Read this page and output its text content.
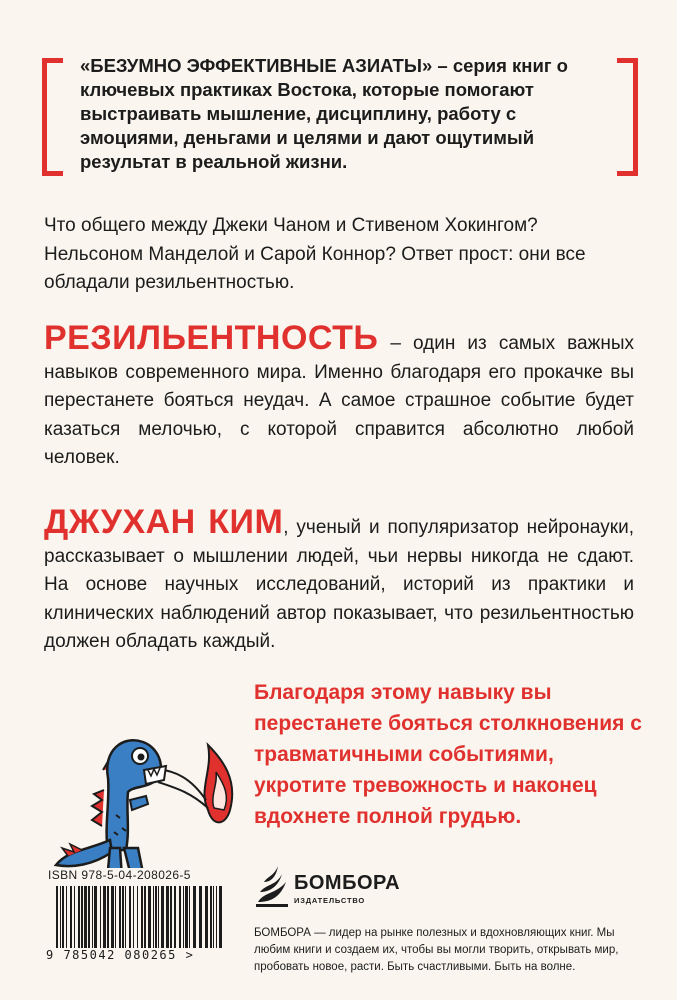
«БЕЗУМНО ЭФФЕКТИВНЫЕ АЗИАТЫ» – серия книг о ключевых практиках Востока, которые помогают выстраивать мышление, дисциплину, работу с эмоциями, деньгами и целями и дают ощутимый результат в реальной жизни.

Что общего между Джеки Чаном и Стивеном Хокингом? Нельсоном Манделой и Сарой Коннор? Ответ прост: они все обладали резильентностью.

РЕЗИЛЬЕНТНОСТЬ – один из самых важных навыков современного мира. Именно благодаря его прокачке вы перестанете бояться неудач. А самое страшное событие будет казаться мелочью, с которой справится абсолютно любой человек.

ДЖУХАН КИМ, ученый и популяризатор нейронауки, рассказывает о мышлении людей, чьи нервы никогда не сдают. На основе научных исследований, историй из практики и клинических наблюдений автор показывает, что резильентностью должен обладать каждый.

Благодаря этому навыку вы перестанете бояться столкновения с травматичными событиями, укротите тревожность и наконец вдохнете полной грудью.

ISBN 978-5-04-208026-5

9 785042 080265 >

БОМБОРА
ИЗДАТЕЛЬСТВО

БОМБОРА — лидер на рынке полезных и вдохновляющих книг. Мы любим книги и создаем их, чтобы вы могли творить, открывать мир, пробовать новое, расти. Быть счастливыми. Быть на волне.
